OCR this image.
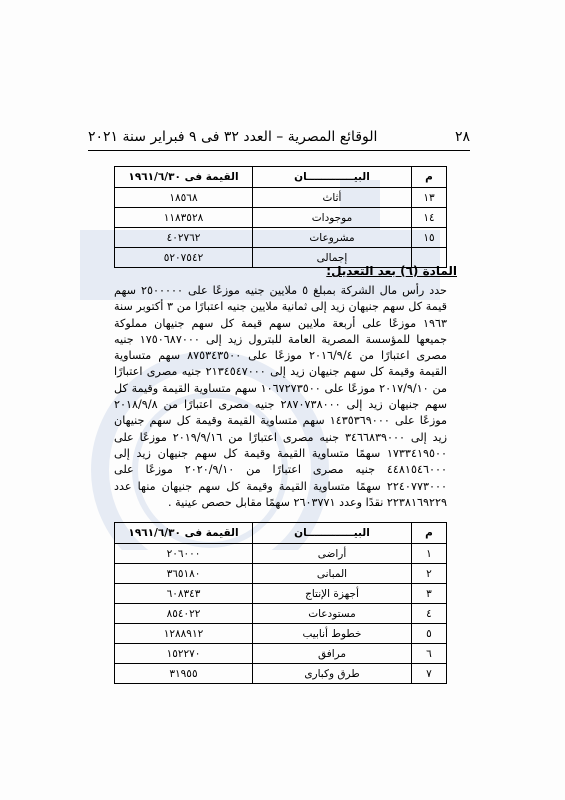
٢٨
الوقائع المصرية – العدد ٣٢ فى ٩ فبراير سنة ٢٠٢١
م	البيـــــــــــــان	القيمة فى ١٩٦١/٦/٣٠
١٣	أثاث	١٨٥٦٨
١٤	موجودات	١١٨٣٥٢٨
١٥	مشروعات	٤٠٢٧٦٢
	إجمالى	٥٢٠٧٥٤٢
المادة (٦) بعد التعديل:
حدد رأس مال الشركة بمبلغ ٥ ملايين جنيه موزعًا على ٢٥٠٠٠٠٠ سهم قيمة كل سهم جنيهان زيد إلى ثمانية ملايين جنيه اعتبارًا من ٣ أكتوبر سنة ١٩٦٣ موزعًا على أربعة ملايين سهم قيمة كل سهم جنيهان مملوكة جميعها للمؤسسة المصرية العامة للبترول زيد إلى ١٧٥٠٦٨٧٠٠٠ جنيه مصرى اعتبارًا من ٢٠١٦/٩/٤ موزعًا على ٨٧٥٣٤٣٥٠٠ سهم متساوية القيمة وقيمة كل سهم جنيهان زيد إلى ٢١٣٤٥٤٧٠٠٠ جنيه مصرى اعتبارًا من ٢٠١٧/٩/١٠ موزعًا على ١٠٦٧٢٧٣٥٠٠ سهم متساوية القيمة وقيمة كل سهم جنيهان زيد إلى ٢٨٧٠٧٣٨٠٠٠ جنيه مصرى اعتبارًا من ٢٠١٨/٩/٨ موزعًا على ١٤٣٥٣٦٩٠٠٠ سهم متساوية القيمة وقيمة كل سهم جنيهان زيد إلى ٣٤٦٦٨٣٩٠٠٠ جنيه مصرى اعتبارًا من ٢٠١٩/٩/١٦ موزعًا على ١٧٣٣٤١٩٥٠٠ سهمًا متساوية القيمة وقيمة كل سهم جنيهان زيد إلى ٤٤٨١٥٤٦٠٠٠ جنيه مصرى اعتبارًا من ٢٠٢٠/٩/١٠ موزعًا على ٢٢٤٠٧٧٣٠٠٠ سهمًا متساوية القيمة وقيمة كل سهم جنيهان منها عدد ٢٢٣٨١٦٩٢٢٩ نقدًا وعدد ٢٦٠٣٧٧١ سهمًا مقابل حصص عينية .
م	البيـــــــــــــان	القيمة فى ١٩٦١/٦/٣٠
١	أراضى	٢٠٦٠٠٠
٢	المبانى	٣٦٥١٨٠
٣	أجهزة الإنتاج	٦٠٨٣٤٣
٤	مستودعات	٨٥٤٠٢٢
٥	خطوط أنابيب	١٢٨٨٩١٢
٦	مرافق	١٥٢٢٧٠
٧	طرق وكبارى	٣١٩٥٥
